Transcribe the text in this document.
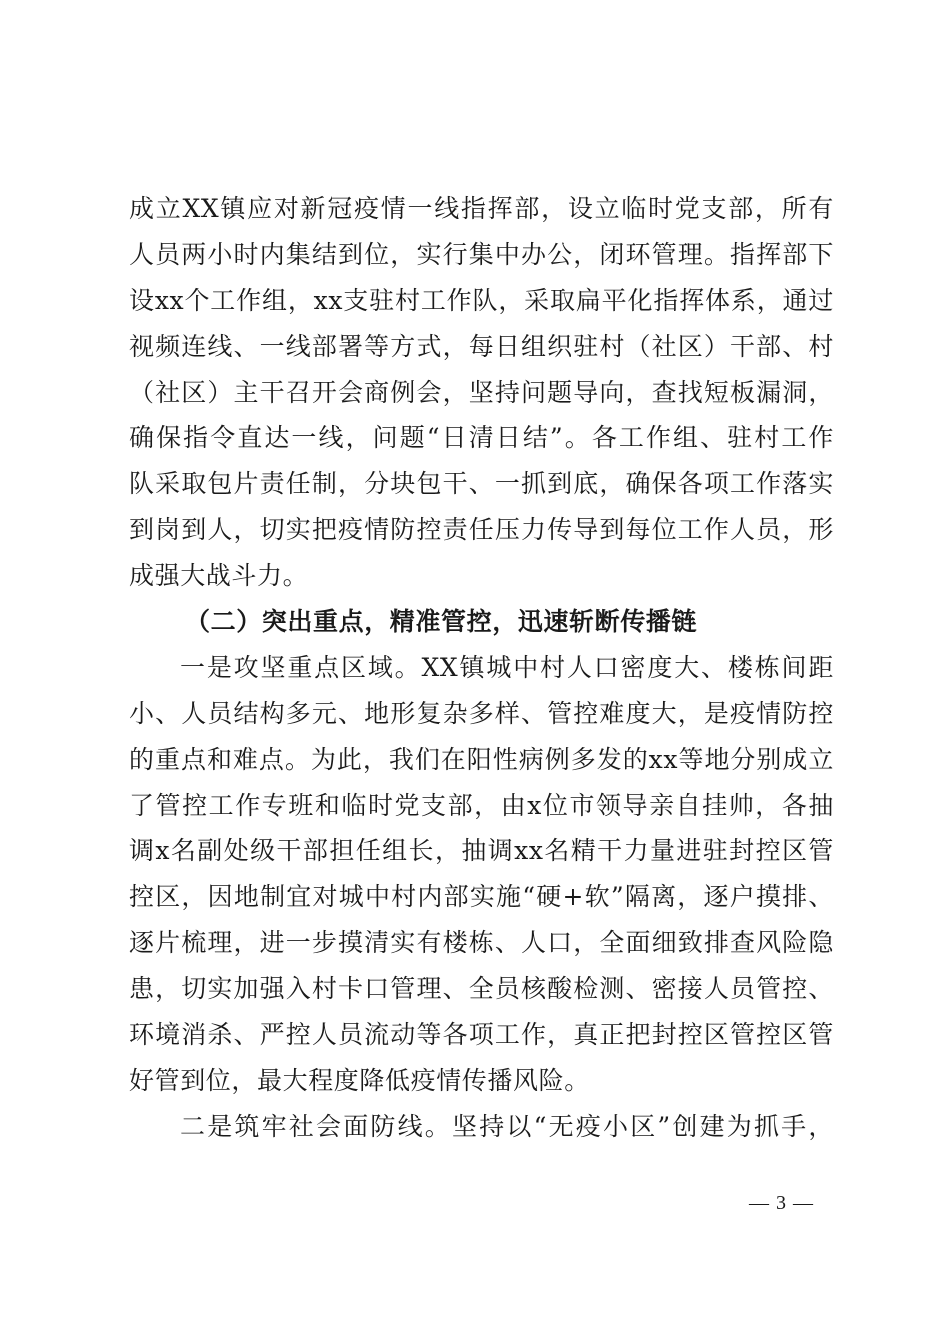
成立XX镇应对新冠疫情一线指挥部，设立临时党支部，所有
人员两小时内集结到位，实行集中办公，闭环管理。指挥部下
设xx个工作组，xx支驻村工作队，采取扁平化指挥体系，通过
视频连线、一线部署等方式，每日组织驻村（社区）干部、村
（社区）主干召开会商例会，坚持问题导向，查找短板漏洞，
确保指令直达一线，问题“日清日结”。各工作组、驻村工作
队采取包片责任制，分块包干、一抓到底，确保各项工作落实
到岗到人，切实把疫情防控责任压力传导到每位工作人员，形
成强大战斗力。
（二）突出重点，精准管控，迅速斩断传播链
一是攻坚重点区域。XX镇城中村人口密度大、楼栋间距
小、人员结构多元、地形复杂多样、管控难度大，是疫情防控
的重点和难点。为此，我们在阳性病例多发的xx等地分别成立
了管控工作专班和临时党支部，由x位市领导亲自挂帅，各抽
调x名副处级干部担任组长，抽调xx名精干力量进驻封控区管
控区，因地制宜对城中村内部实施“硬+软”隔离，逐户摸排、
逐片梳理，进一步摸清实有楼栋、人口，全面细致排查风险隐
患，切实加强入村卡口管理、全员核酸检测、密接人员管控、
环境消杀、严控人员流动等各项工作，真正把封控区管控区管
好管到位，最大程度降低疫情传播风险。
二是筑牢社会面防线。坚持以“无疫小区”创建为抓手，
— 3 —
